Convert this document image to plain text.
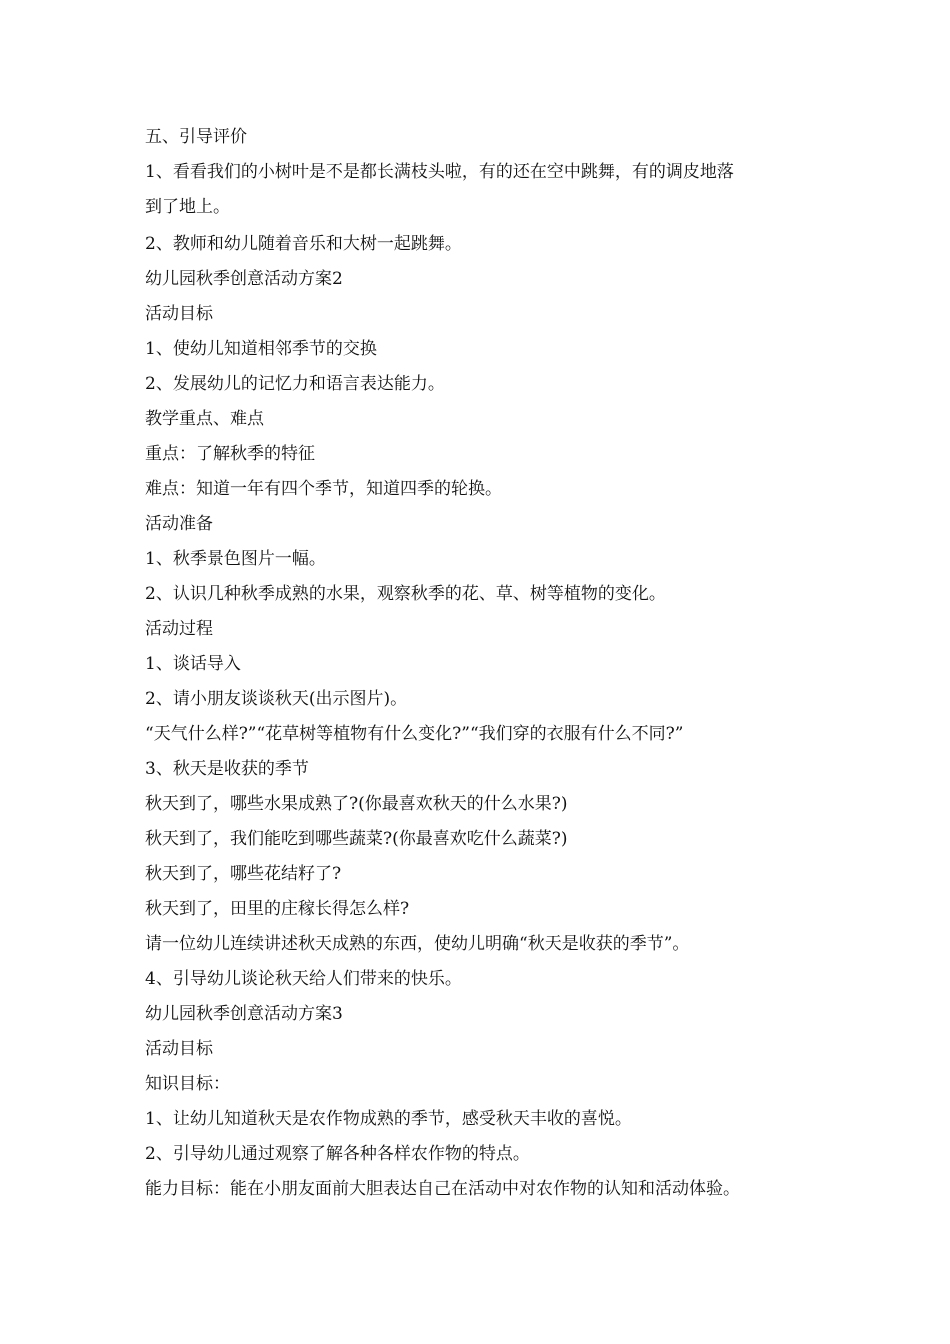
五、引导评价

1、看看我们的小树叶是不是都长满枝头啦，有的还在空中跳舞，有的调皮地落

到了地上。

2、教师和幼儿随着音乐和大树一起跳舞。

幼儿园秋季创意活动方案2

活动目标

1、使幼儿知道相邻季节的交换

2、发展幼儿的记忆力和语言表达能力。

教学重点、难点

重点：了解秋季的特征

难点：知道一年有四个季节，知道四季的轮换。

活动准备

1、秋季景色图片一幅。

2、认识几种秋季成熟的水果，观察秋季的花、草、树等植物的变化。

活动过程

1、谈话导入

2、请小朋友谈谈秋天(出示图片)。

“天气什么样?”“花草树等植物有什么变化?”“我们穿的衣服有什么不同?”

3、秋天是收获的季节

秋天到了，哪些水果成熟了?(你最喜欢秋天的什么水果?)

秋天到了，我们能吃到哪些蔬菜?(你最喜欢吃什么蔬菜?)

秋天到了，哪些花结籽了?

秋天到了，田里的庄稼长得怎么样?

请一位幼儿连续讲述秋天成熟的东西，使幼儿明确“秋天是收获的季节”。

4、引导幼儿谈论秋天给人们带来的快乐。

幼儿园秋季创意活动方案3

活动目标

知识目标：

1、让幼儿知道秋天是农作物成熟的季节，感受秋天丰收的喜悦。

2、引导幼儿通过观察了解各种各样农作物的特点。

能力目标：能在小朋友面前大胆表达自己在活动中对农作物的认知和活动体验。
